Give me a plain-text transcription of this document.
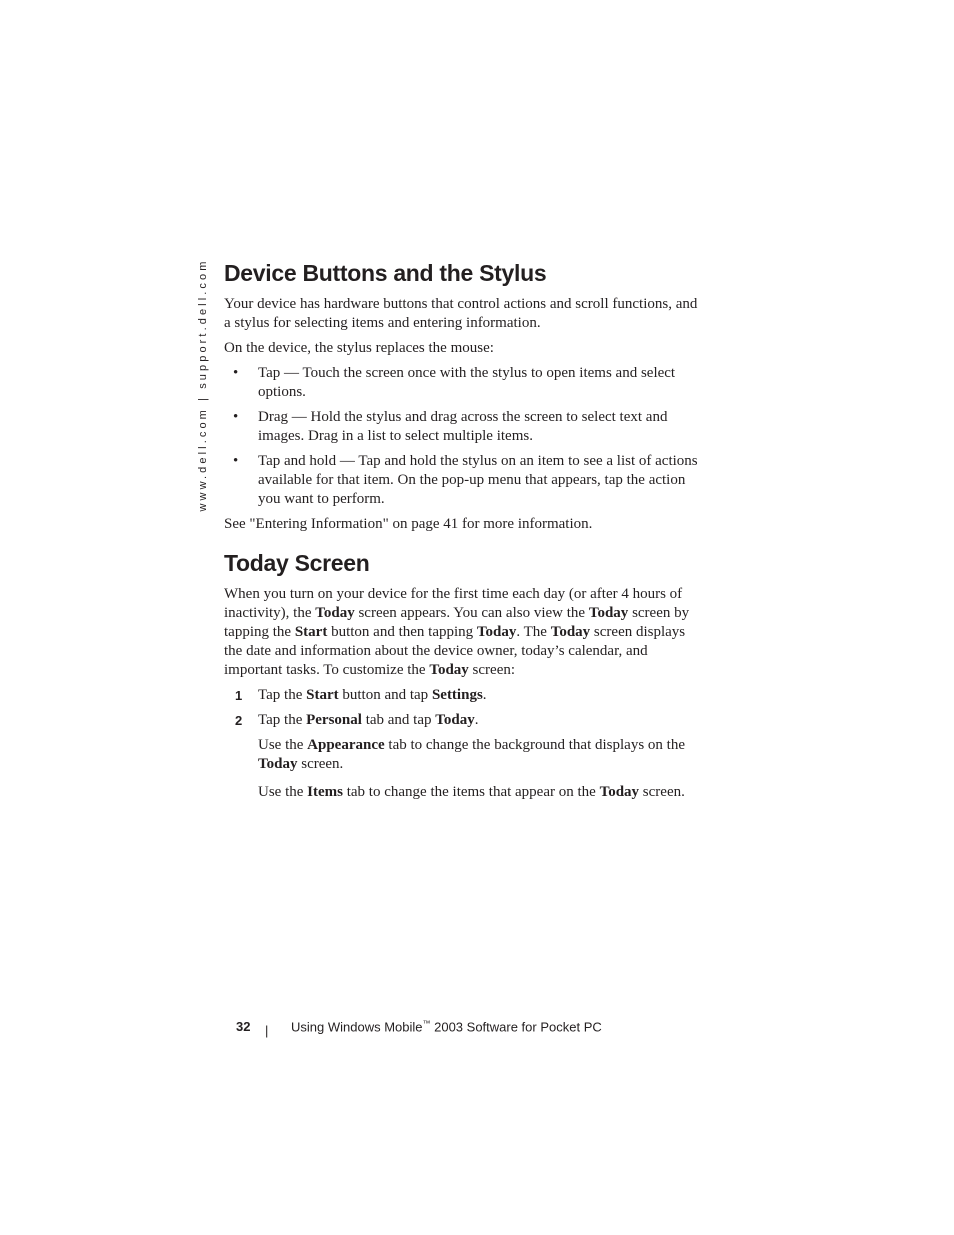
www.dell.com | support.dell.com Device Buttons and the Stylus

Your device has hardware buttons that control actions and scroll functions, and a stylus for selecting items and entering information.

On the device, the stylus replaces the mouse:

• Tap — Touch the screen once with the stylus to open items and select options.
• Drag — Hold the stylus and drag across the screen to select text and images. Drag in a list to select multiple items.
• Tap and hold — Tap and hold the stylus on an item to see a list of actions available for that item. On the pop-up menu that appears, tap the action you want to perform.

See "Entering Information" on page 41 for more information.

Today Screen

When you turn on your device for the first time each day (or after 4 hours of inactivity), the Today screen appears. You can also view the Today screen by tapping the Start button and then tapping Today. The Today screen displays the date and information about the device owner, today’s calendar, and important tasks. To customize the Today screen:

1 Tap the Start button and tap Settings.
2 Tap the Personal tab and tap Today.

Use the Appearance tab to change the background that displays on the Today screen.

Use the Items tab to change the items that appear on the Today screen.

32 | Using Windows Mobile™ 2003 Software for Pocket PC
